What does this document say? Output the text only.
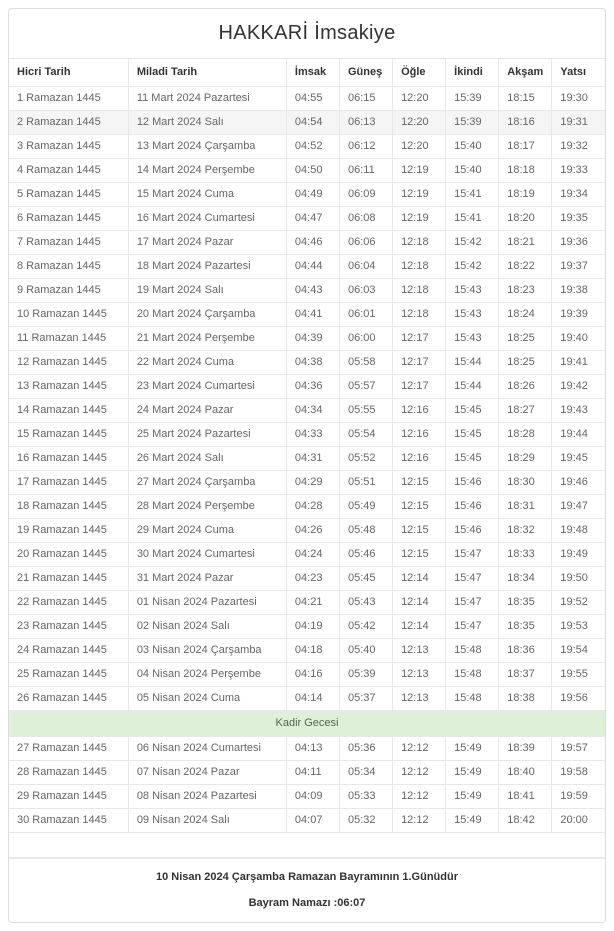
HAKKARİ İmsakiye
Hicri Tarih	Miladi Tarih	İmsak	Güneş	Öğle	İkindi	Akşam	Yatsı
1 Ramazan 1445	11 Mart 2024 Pazartesi	04:55	06:15	12:20	15:39	18:15	19:30
2 Ramazan 1445	12 Mart 2024 Salı	04:54	06:13	12:20	15:39	18:16	19:31
3 Ramazan 1445	13 Mart 2024 Çarşamba	04:52	06:12	12:20	15:40	18:17	19:32
4 Ramazan 1445	14 Mart 2024 Perşembe	04:50	06:11	12:19	15:40	18:18	19:33
5 Ramazan 1445	15 Mart 2024 Cuma	04:49	06:09	12:19	15:41	18:19	19:34
6 Ramazan 1445	16 Mart 2024 Cumartesi	04:47	06:08	12:19	15:41	18:20	19:35
7 Ramazan 1445	17 Mart 2024 Pazar	04:46	06:06	12:18	15:42	18:21	19:36
8 Ramazan 1445	18 Mart 2024 Pazartesi	04:44	06:04	12:18	15:42	18:22	19:37
9 Ramazan 1445	19 Mart 2024 Salı	04:43	06:03	12:18	15:43	18:23	19:38
10 Ramazan 1445	20 Mart 2024 Çarşamba	04:41	06:01	12:18	15:43	18:24	19:39
11 Ramazan 1445	21 Mart 2024 Perşembe	04:39	06:00	12:17	15:43	18:25	19:40
12 Ramazan 1445	22 Mart 2024 Cuma	04:38	05:58	12:17	15:44	18:25	19:41
13 Ramazan 1445	23 Mart 2024 Cumartesi	04:36	05:57	12:17	15:44	18:26	19:42
14 Ramazan 1445	24 Mart 2024 Pazar	04:34	05:55	12:16	15:45	18:27	19:43
15 Ramazan 1445	25 Mart 2024 Pazartesi	04:33	05:54	12:16	15:45	18:28	19:44
16 Ramazan 1445	26 Mart 2024 Salı	04:31	05:52	12:16	15:45	18:29	19:45
17 Ramazan 1445	27 Mart 2024 Çarşamba	04:29	05:51	12:15	15:46	18:30	19:46
18 Ramazan 1445	28 Mart 2024 Perşembe	04:28	05:49	12:15	15:46	18:31	19:47
19 Ramazan 1445	29 Mart 2024 Cuma	04:26	05:48	12:15	15:46	18:32	19:48
20 Ramazan 1445	30 Mart 2024 Cumartesi	04:24	05:46	12:15	15:47	18:33	19:49
21 Ramazan 1445	31 Mart 2024 Pazar	04:23	05:45	12:14	15:47	18:34	19:50
22 Ramazan 1445	01 Nisan 2024 Pazartesi	04:21	05:43	12:14	15:47	18:35	19:52
23 Ramazan 1445	02 Nisan 2024 Salı	04:19	05:42	12:14	15:47	18:35	19:53
24 Ramazan 1445	03 Nisan 2024 Çarşamba	04:18	05:40	12:13	15:48	18:36	19:54
25 Ramazan 1445	04 Nisan 2024 Perşembe	04:16	05:39	12:13	15:48	18:37	19:55
26 Ramazan 1445	05 Nisan 2024 Cuma	04:14	05:37	12:13	15:48	18:38	19:56
Kadir Gecesi							
27 Ramazan 1445	06 Nisan 2024 Cumartesi	04:13	05:36	12:12	15:49	18:39	19:57
28 Ramazan 1445	07 Nisan 2024 Pazar	04:11	05:34	12:12	15:49	18:40	19:58
29 Ramazan 1445	08 Nisan 2024 Pazartesi	04:09	05:33	12:12	15:49	18:41	19:59
30 Ramazan 1445	09 Nisan 2024 Salı	04:07	05:32	12:12	15:49	18:42	20:00

10 Nisan 2024 Çarşamba Ramazan Bayramının 1.Günüdür
Bayram Namazı :06:07
